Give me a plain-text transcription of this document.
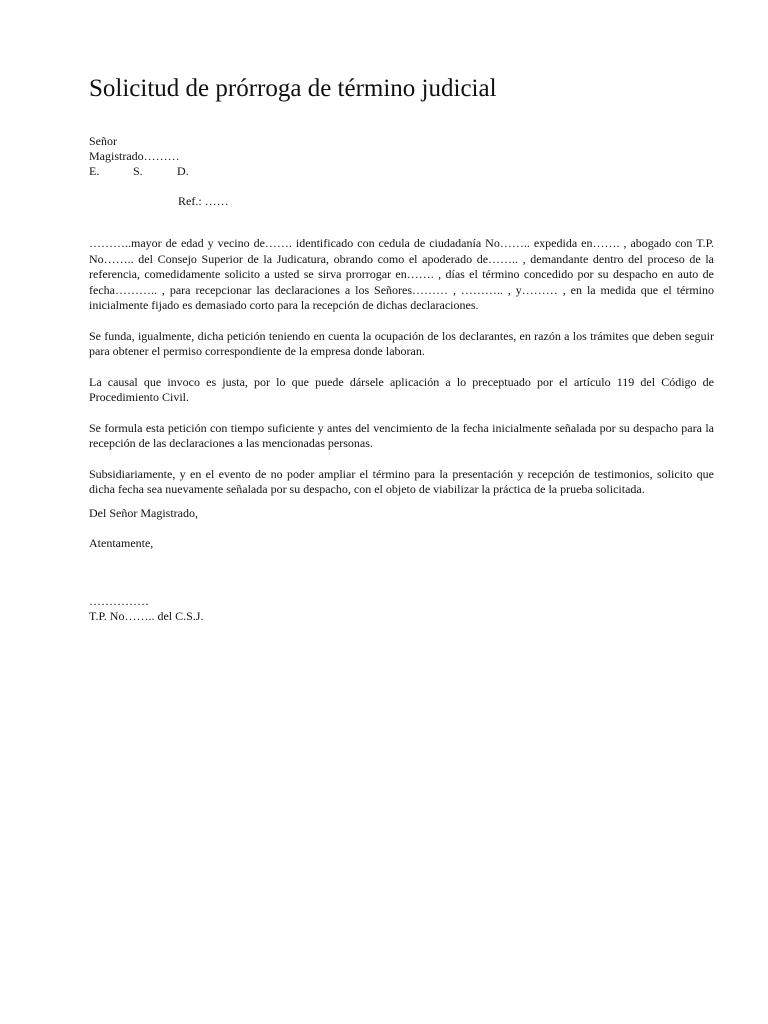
Solicitud de prórroga de término judicial
Señor
Magistrado………
E.	S.	D.
Ref.: ……

………..mayor de edad y vecino de……. identificado con cedula de ciudadanía No…….. expedida en……. , abogado con T.P. No…….. del Consejo Superior de la Judicatura, obrando como el apoderado de…….. , demandante dentro del proceso de la referencia, comedidamente solicito a usted se sirva prorrogar en……. , días el término concedido por su despacho en auto de fecha……….. , para recepcionar las declaraciones a los Señores……… , ……….. , y……… , en la medida que el término inicialmente fijado es demasiado corto para la recepción de dichas declaraciones.

Se funda, igualmente, dicha petición teniendo en cuenta la ocupación de los declarantes, en razón a los trámites que deben seguir para obtener el permiso correspondiente de la empresa donde laboran.

La causal que invoco es justa, por lo que puede dársele aplicación a lo preceptuado por el artículo 119 del Código de Procedimiento Civil.

Se formula esta petición con tiempo suficiente y antes del vencimiento de la fecha inicialmente señalada por su despacho para la recepción de las declaraciones a las mencionadas personas.

Subsidiariamente, y en el evento de no poder ampliar el término para la presentación y recepción de testimonios, solicito que dicha fecha sea nuevamente señalada por su despacho, con el objeto de viabilizar la práctica de la prueba solicitada.

Del Señor Magistrado,

Atentamente,

……………
T.P. No…….. del C.S.J.
